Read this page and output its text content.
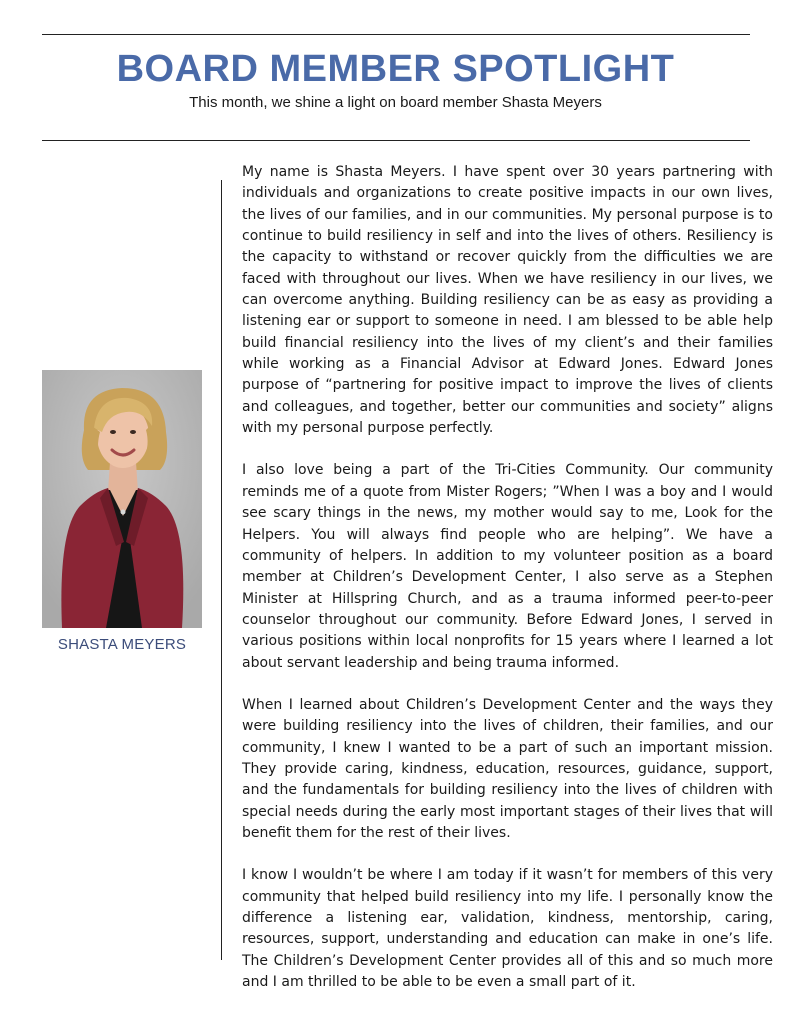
BOARD MEMBER SPOTLIGHT
This month, we shine a light on board member Shasta Meyers
SHASTA MEYERS

My name is Shasta Meyers. I have spent over 30 years partnering with individuals and organizations to create positive impacts in our own lives, the lives of our families, and in our communities. My personal purpose is to continue to build resiliency in self and into the lives of others. Resiliency is the capacity to withstand or recover quickly from the difficulties we are faced with throughout our lives. When we have resiliency in our lives, we can overcome anything. Building resiliency can be as easy as providing a listening ear or support to someone in need. I am blessed to be able help build financial resiliency into the lives of my client’s and their families while working as a Financial Advisor at Edward Jones. Edward Jones purpose of “partnering for positive impact to improve the lives of clients and colleagues, and together, better our communities and society” aligns with my personal purpose perfectly.

I also love being a part of the Tri-Cities Community. Our community reminds me of a quote from Mister Rogers; ”When I was a boy and I would see scary things in the news, my mother would say to me, Look for the Helpers. You will always find people who are helping”. We have a community of helpers. In addition to my volunteer position as a board member at Children’s Development Center, I also serve as a Stephen Minister at Hillspring Church, and as a trauma informed peer-to-peer counselor throughout our community. Before Edward Jones, I served in various positions within local nonprofits for 15 years where I learned a lot about servant leadership and being trauma informed.

When I learned about Children’s Development Center and the ways they were building resiliency into the lives of children, their families, and our community, I knew I wanted to be a part of such an important mission. They provide caring, kindness, education, resources, guidance, support, and the fundamentals for building resiliency into the lives of children with special needs during the early most important stages of their lives that will benefit them for the rest of their lives.

I know I wouldn’t be where I am today if it wasn’t for members of this very community that helped build resiliency into my life. I personally know the difference a listening ear, validation, kindness, mentorship, caring, resources, support, understanding and education can make in one’s life. The Children’s Development Center provides all of this and so much more and I am thrilled to be able to be even a small part of it.
